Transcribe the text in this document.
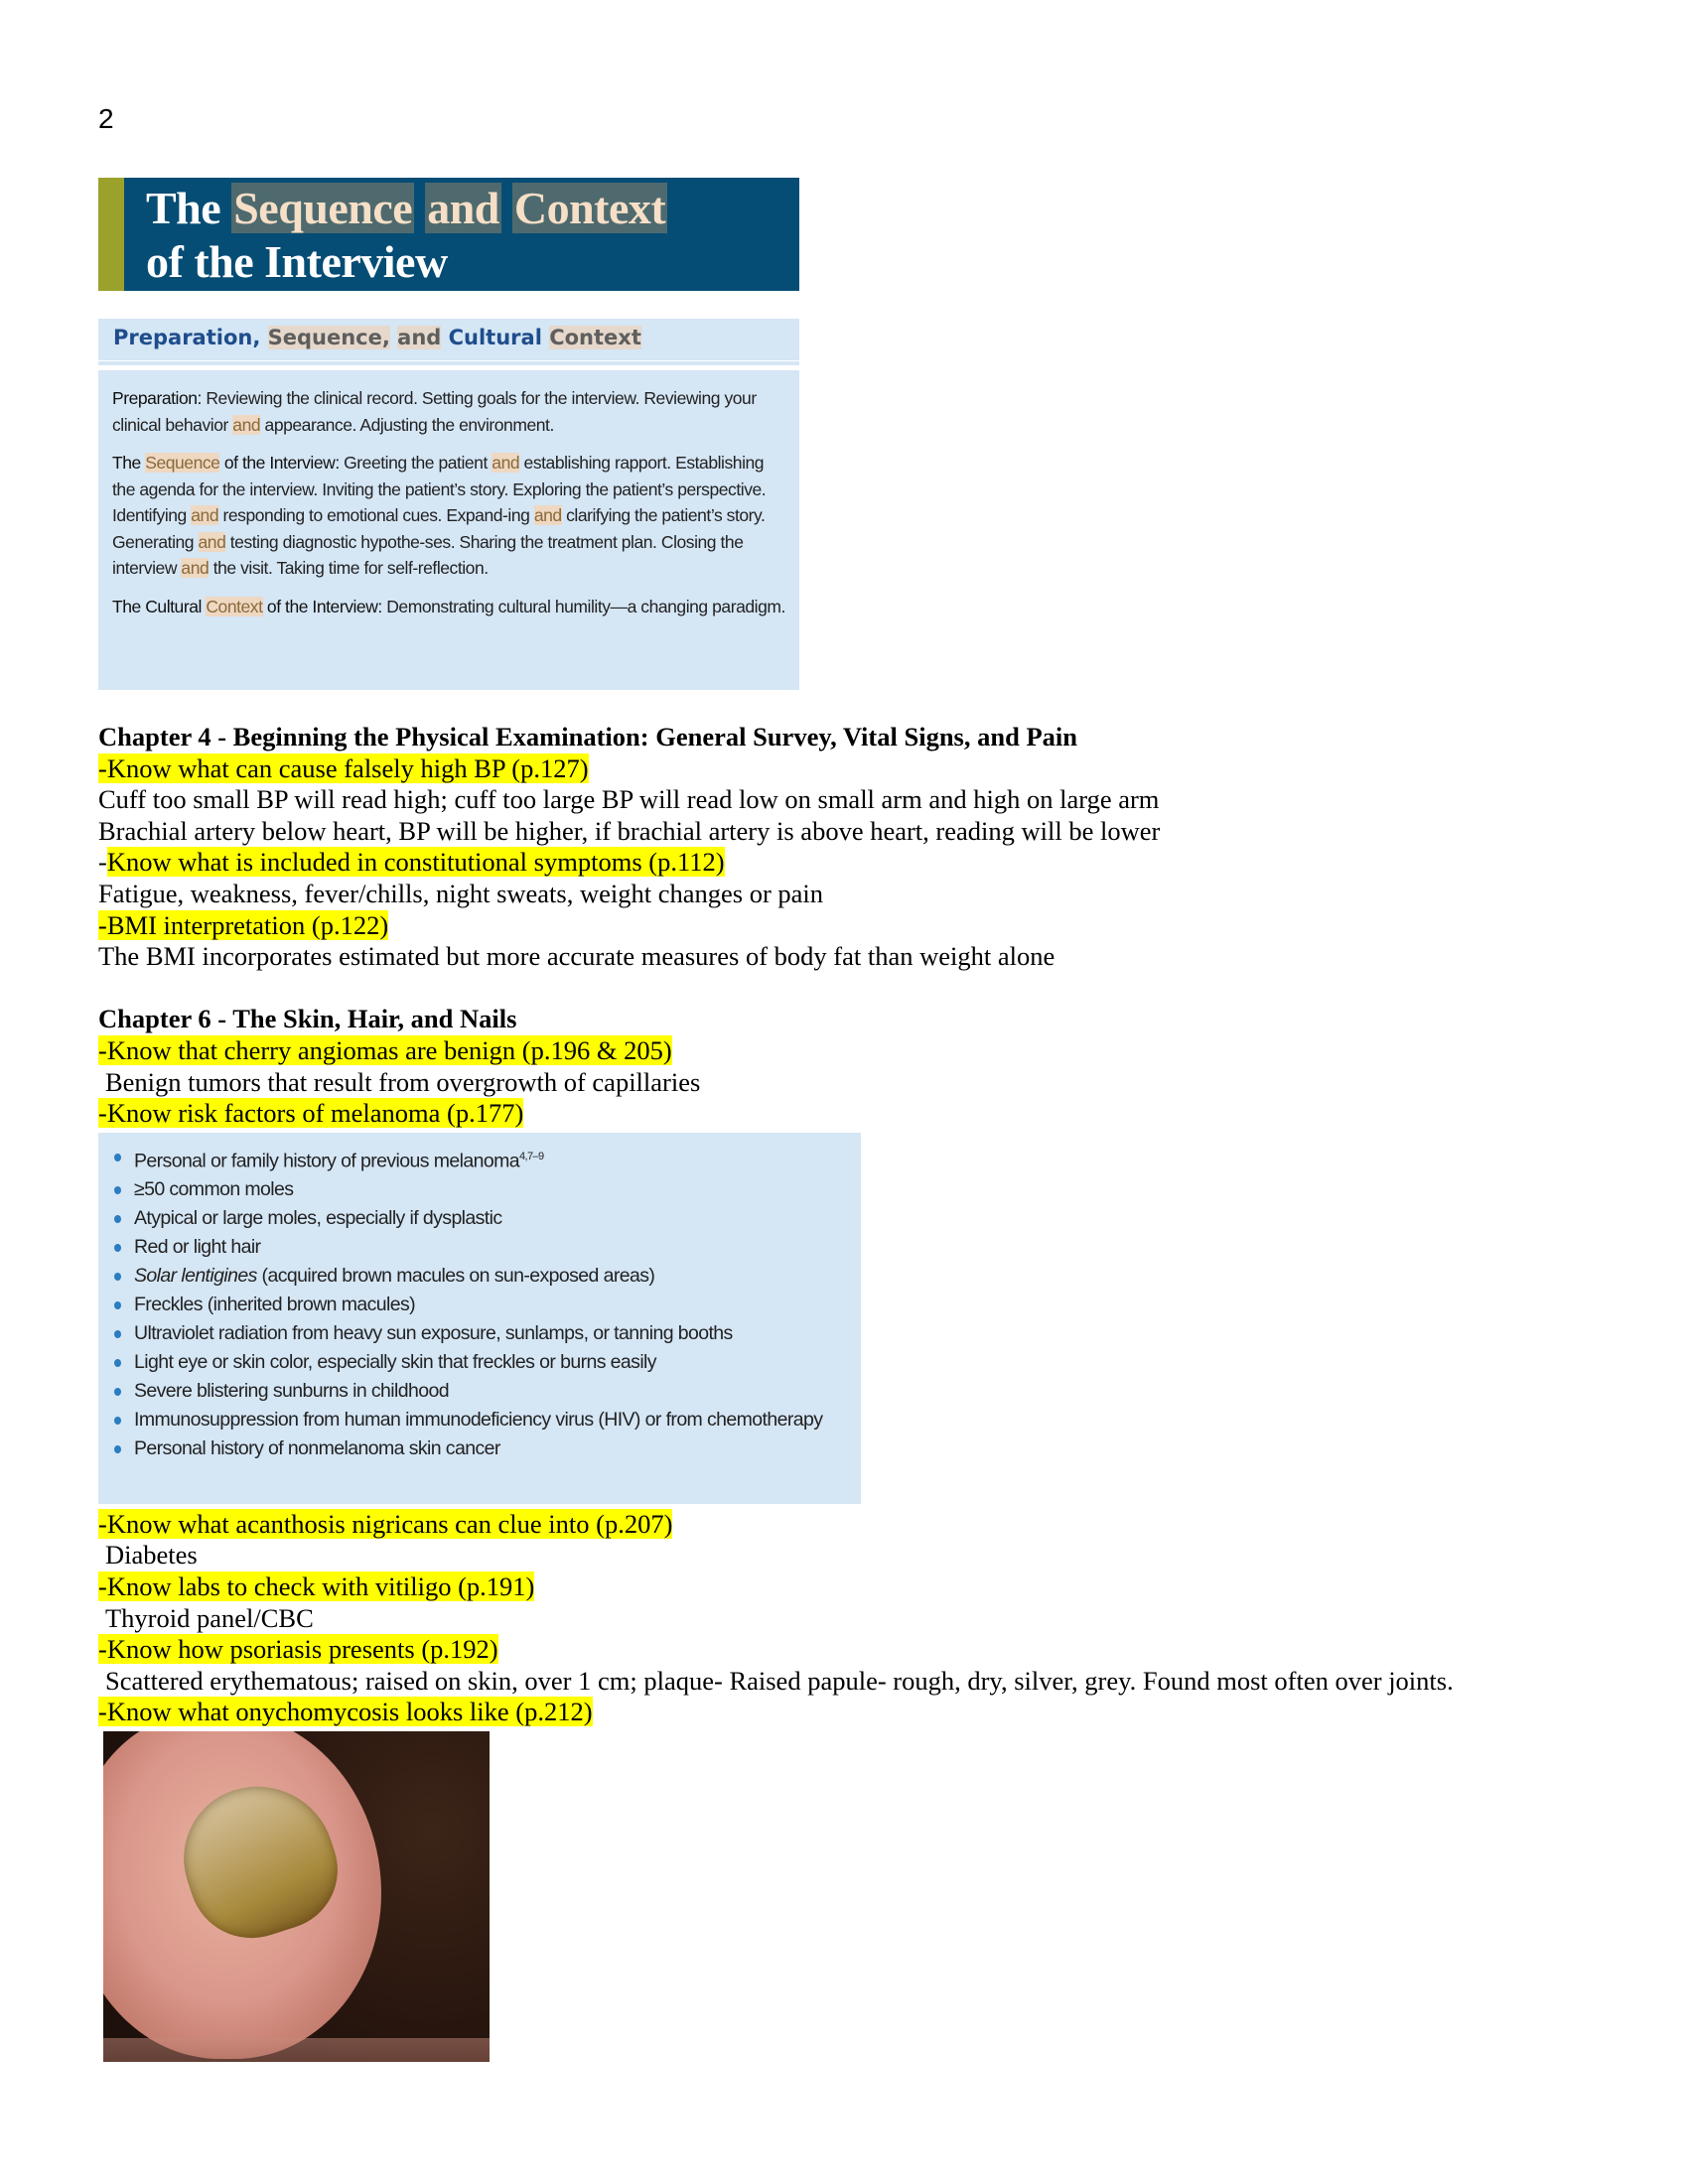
2
The Sequence and Context
of the Interview
Preparation, Sequence, and Cultural Context

Preparation: Reviewing the clinical record. Setting goals for the interview. Reviewing your clinical behavior and appearance. Adjusting the environment.

The Sequence of the Interview: Greeting the patient and establishing rapport. Establishing the agenda for the interview. Inviting the patient’s story. Exploring the patient’s perspective. Identifying and responding to emotional cues. Expand-ing and clarifying the patient’s story. Generating and testing diagnostic hypothe-ses. Sharing the treatment plan. Closing the interview and the visit. Taking time for self-reflection.

The Cultural Context of the Interview: Demonstrating cultural humility—a changing paradigm.

Chapter 4 - Beginning the Physical Examination: General Survey, Vital Signs, and Pain
-Know what can cause falsely high BP (p.127)
Cuff too small BP will read high; cuff too large BP will read low on small arm and high on large arm
Brachial artery below heart, BP will be higher, if brachial artery is above heart, reading will be lower
-Know what is included in constitutional symptoms (p.112)
Fatigue, weakness, fever/chills, night sweats, weight changes or pain
-BMI interpretation (p.122)
The BMI incorporates estimated but more accurate measures of body fat than weight alone
Chapter 6 - The Skin, Hair, and Nails
-Know that cherry angiomas are benign (p.196 & 205)
Benign tumors that result from overgrowth of capillaries
-Know risk factors of melanoma (p.177)
Personal or family history of previous melanoma$^{4,7-9}$
≥50 common moles
Atypical or large moles, especially if dysplastic
Red or light hair
Solar lentigines (acquired brown macules on sun-exposed areas)
Freckles (inherited brown macules)
Ultraviolet radiation from heavy sun exposure, sunlamps, or tanning booths
Light eye or skin color, especially skin that freckles or burns easily
Severe blistering sunburns in childhood
Immunosuppression from human immunodeficiency virus (HIV) or from chemotherapy
Personal history of nonmelanoma skin cancer
-Know what acanthosis nigricans can clue into (p.207)
Diabetes
-Know labs to check with vitiligo (p.191)
Thyroid panel/CBC
-Know how psoriasis presents (p.192)
Scattered erythematous; raised on skin, over 1 cm; plaque- Raised papule- rough, dry, silver, grey. Found most often over joints.
-Know what onychomycosis looks like (p.212)
